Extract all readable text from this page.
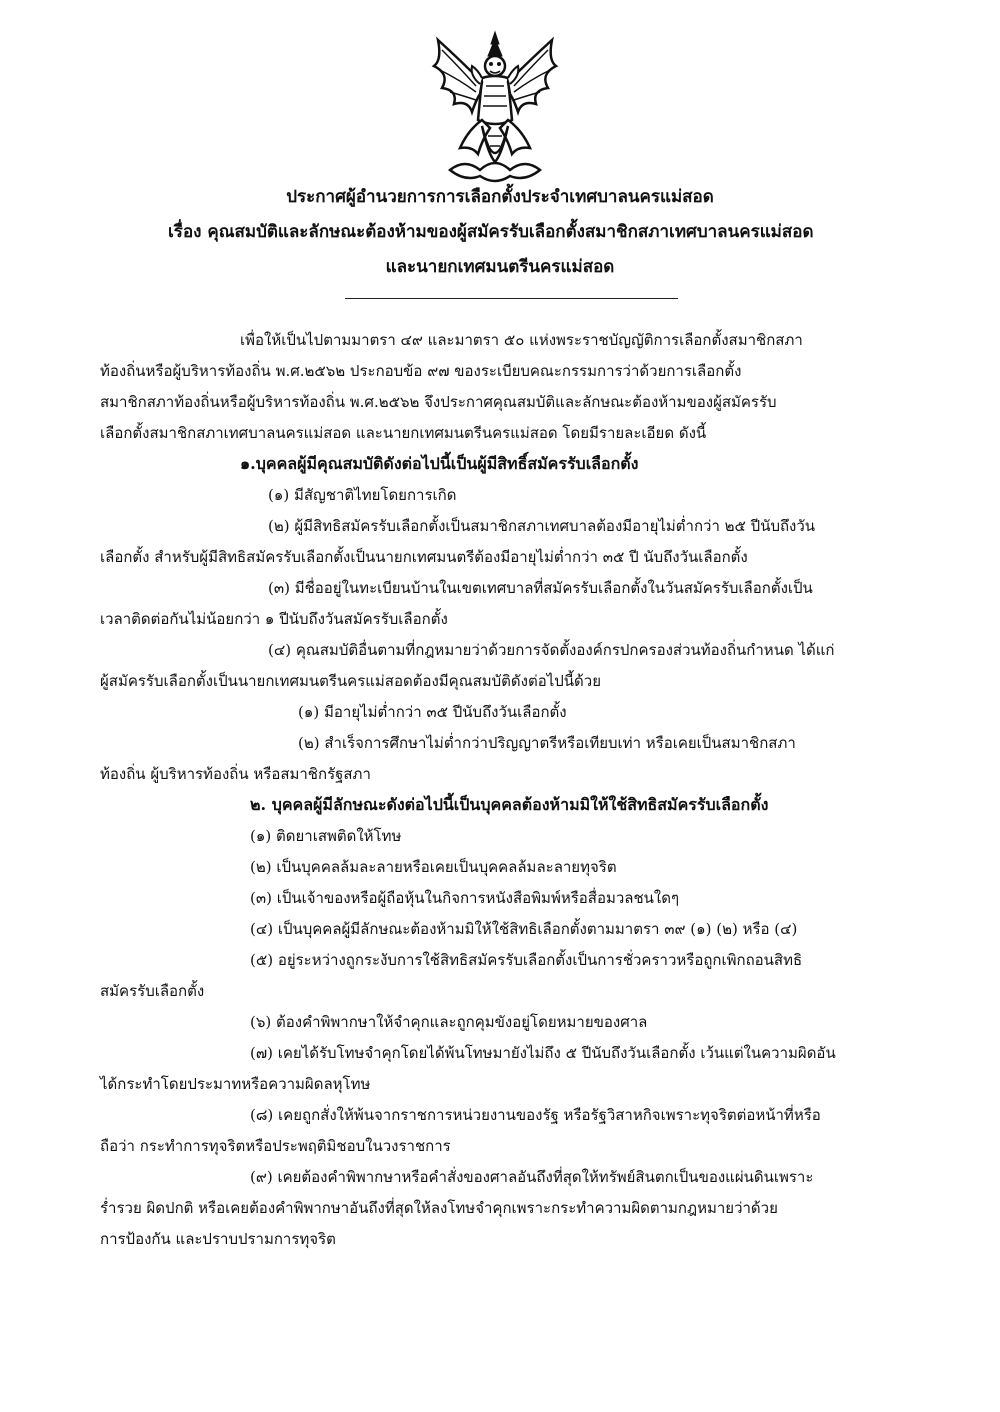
ประกาศผู้อำนวยการการเลือกตั้งประจำเทศบาลนครแม่สอด
เรื่อง คุณสมบัติและลักษณะต้องห้ามของผู้สมัครรับเลือกตั้งสมาชิกสภาเทศบาลนครแม่สอด
และนายกเทศมนตรีนครแม่สอด
เพื่อให้เป็นไปตามมาตรา ๔๙ และมาตรา ๕๐ แห่งพระราชบัญญัติการเลือกตั้งสมาชิกสภา
ท้องถิ่นหรือผู้บริหารท้องถิ่น พ.ศ.๒๕๖๒ ประกอบข้อ ๙๗ ของระเบียบคณะกรรมการว่าด้วยการเลือกตั้ง
สมาชิกสภาท้องถิ่นหรือผู้บริหารท้องถิ่น พ.ศ.๒๕๖๒ จึงประกาศคุณสมบัติและลักษณะต้องห้ามของผู้สมัครรับ
เลือกตั้งสมาชิกสภาเทศบาลนครแม่สอด และนายกเทศมนตรีนครแม่สอด โดยมีรายละเอียด ดังนี้
๑.บุคคลผู้มีคุณสมบัติดังต่อไปนี้เป็นผู้มีสิทธิ์สมัครรับเลือกตั้ง
(๑) มีสัญชาติไทยโดยการเกิด
(๒) ผู้มีสิทธิสมัครรับเลือกตั้งเป็นสมาชิกสภาเทศบาลต้องมีอายุไม่ต่ำกว่า ๒๕ ปีนับถึงวัน
เลือกตั้ง สำหรับผู้มีสิทธิสมัครรับเลือกตั้งเป็นนายกเทศมนตรีต้องมีอายุไม่ต่ำกว่า ๓๕ ปี นับถึงวันเลือกตั้ง
(๓) มีชื่ออยู่ในทะเบียนบ้านในเขตเทศบาลที่สมัครรับเลือกตั้งในวันสมัครรับเลือกตั้งเป็น
เวลาติดต่อกันไม่น้อยกว่า ๑ ปีนับถึงวันสมัครรับเลือกตั้ง
(๔) คุณสมบัติอื่นตามที่กฎหมายว่าด้วยการจัดตั้งองค์กรปกครองส่วนท้องถิ่นกำหนด ได้แก่
ผู้สมัครรับเลือกตั้งเป็นนายกเทศมนตรีนครแม่สอดต้องมีคุณสมบัติดังต่อไปนี้ด้วย
(๑) มีอายุไม่ต่ำกว่า ๓๕ ปีนับถึงวันเลือกตั้ง
(๒) สำเร็จการศึกษาไม่ต่ำกว่าปริญญาตรีหรือเทียบเท่า หรือเคยเป็นสมาชิกสภา
ท้องถิ่น ผู้บริหารท้องถิ่น หรือสมาชิกรัฐสภา
๒. บุคคลผู้มีลักษณะดังต่อไปนี้เป็นบุคคลต้องห้ามมิให้ใช้สิทธิสมัครรับเลือกตั้ง
(๑) ติดยาเสพติดให้โทษ
(๒) เป็นบุคคลล้มละลายหรือเคยเป็นบุคคลล้มละลายทุจริต
(๓) เป็นเจ้าของหรือผู้ถือหุ้นในกิจการหนังสือพิมพ์หรือสื่อมวลชนใดๆ
(๔) เป็นบุคคลผู้มีลักษณะต้องห้ามมิให้ใช้สิทธิเลือกตั้งตามมาตรา ๓๙ (๑) (๒) หรือ (๔)
(๕) อยู่ระหว่างถูกระงับการใช้สิทธิสมัครรับเลือกตั้งเป็นการชั่วคราวหรือถูกเพิกถอนสิทธิ
สมัครรับเลือกตั้ง
(๖) ต้องคำพิพากษาให้จำคุกและถูกคุมขังอยู่โดยหมายของศาล
(๗) เคยได้รับโทษจำคุกโดยได้พ้นโทษมายังไม่ถึง ๕ ปีนับถึงวันเลือกตั้ง เว้นแต่ในความผิดอัน
ได้กระทำโดยประมาทหรือความผิดลหุโทษ
(๘) เคยถูกสั่งให้พ้นจากราชการหน่วยงานของรัฐ หรือรัฐวิสาหกิจเพราะทุจริตต่อหน้าที่หรือ
ถือว่า กระทำการทุจริตหรือประพฤติมิชอบในวงราชการ
(๙) เคยต้องคำพิพากษาหรือคำสั่งของศาลอันถึงที่สุดให้ทรัพย์สินตกเป็นของแผ่นดินเพราะ
ร่ำรวย ผิดปกติ หรือเคยต้องคำพิพากษาอันถึงที่สุดให้ลงโทษจำคุกเพราะกระทำความผิดตามกฎหมายว่าด้วย
การป้องกัน และปราบปรามการทุจริต
